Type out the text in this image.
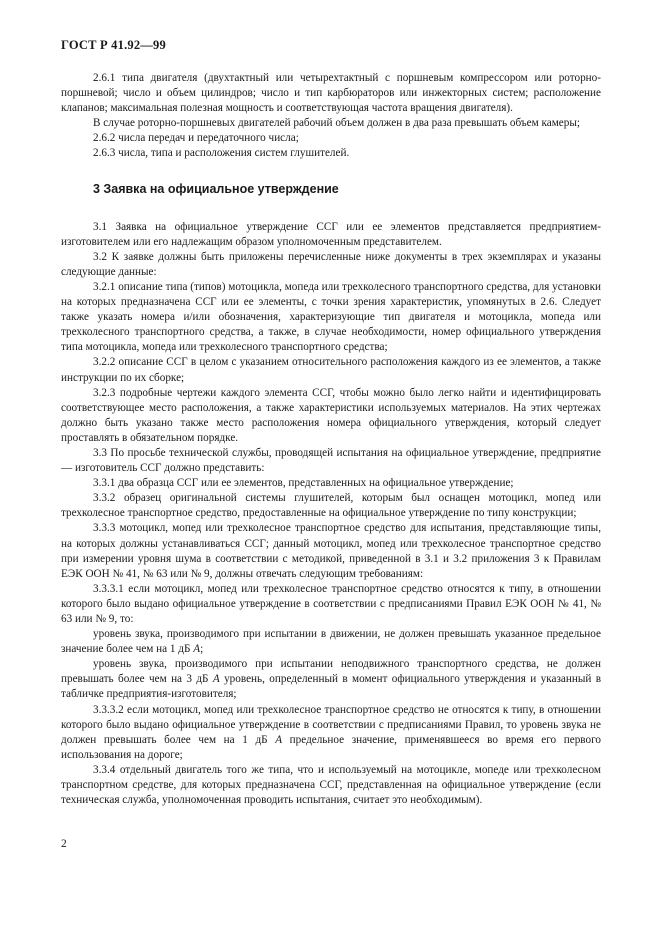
ГОСТ Р 41.92—99

2.6.1 типа двигателя (двухтактный или четырехтактный с поршневым компрессором или роторно-поршневой; число и объем цилиндров; число и тип карбюраторов или инжекторных систем; расположение клапанов; максимальная полезная мощность и соответствующая частота вращения двигателя).

В случае роторно-поршневых двигателей рабочий объем должен в два раза превышать объем камеры;

2.6.2 числа передач и передаточного числа;

2.6.3 числа, типа и расположения систем глушителей.

3 Заявка на официальное утверждение

3.1 Заявка на официальное утверждение ССГ или ее элементов представляется предприятием-изготовителем или его надлежащим образом уполномоченным представителем.

3.2 К заявке должны быть приложены перечисленные ниже документы в трех экземплярах и указаны следующие данные:

3.2.1 описание типа (типов) мотоцикла, мопеда или трехколесного транспортного средства, для установки на которых предназначена ССГ или ее элементы, с точки зрения характеристик, упомянутых в 2.6. Следует также указать номера и/или обозначения, характеризующие тип двигателя и мотоцикла, мопеда или трехколесного транспортного средства, а также, в случае необходимости, номер официального утверждения типа мотоцикла, мопеда или трехколесного транспортного средства;

3.2.2 описание ССГ в целом с указанием относительного расположения каждого из ее элементов, а также инструкции по их сборке;

3.2.3 подробные чертежи каждого элемента ССГ, чтобы можно было легко найти и идентифицировать соответствующее место расположения, а также характеристики используемых материалов. На этих чертежах должно быть указано также место расположения номера официального утверждения, который следует проставлять в обязательном порядке.

3.3 По просьбе технической службы, проводящей испытания на официальное утверждение, предприятие — изготовитель ССГ должно представить:

3.3.1 два образца ССГ или ее элементов, представленных на официальное утверждение;

3.3.2 образец оригинальной системы глушителей, которым был оснащен мотоцикл, мопед или трехколесное транспортное средство, предоставленные на официальное утверждение по типу конструкции;

3.3.3 мотоцикл, мопед или трехколесное транспортное средство для испытания, представляющие типы, на которых должны устанавливаться ССГ; данный мотоцикл, мопед или трехколесное транспортное средство при измерении уровня шума в соответствии с методикой, приведенной в 3.1 и 3.2 приложения 3 к Правилам ЕЭК ООН № 41, № 63 или № 9, должны отвечать следующим требованиям:

3.3.3.1 если мотоцикл, мопед или трехколесное транспортное средство относятся к типу, в отношении которого было выдано официальное утверждение в соответствии с предписаниями Правил ЕЭК ООН № 41, № 63 или № 9, то:

уровень звука, производимого при испытании в движении, не должен превышать указанное предельное значение более чем на 1 дБ А;

уровень звука, производимого при испытании неподвижного транспортного средства, не должен превышать более чем на 3 дБ А уровень, определенный в момент официального утверждения и указанный в табличке предприятия-изготовителя;

3.3.3.2 если мотоцикл, мопед или трехколесное транспортное средство не относятся к типу, в отношении которого было выдано официальное утверждение в соответствии с предписаниями Правил, то уровень звука не должен превышать более чем на 1 дБ А предельное значение, применявшееся во время его первого использования на дороге;

3.3.4 отдельный двигатель того же типа, что и используемый на мотоцикле, мопеде или трехколесном транспортном средстве, для которых предназначена ССГ, представленная на официальное утверждение (если техническая служба, уполномоченная проводить испытания, считает это необходимым).

2
